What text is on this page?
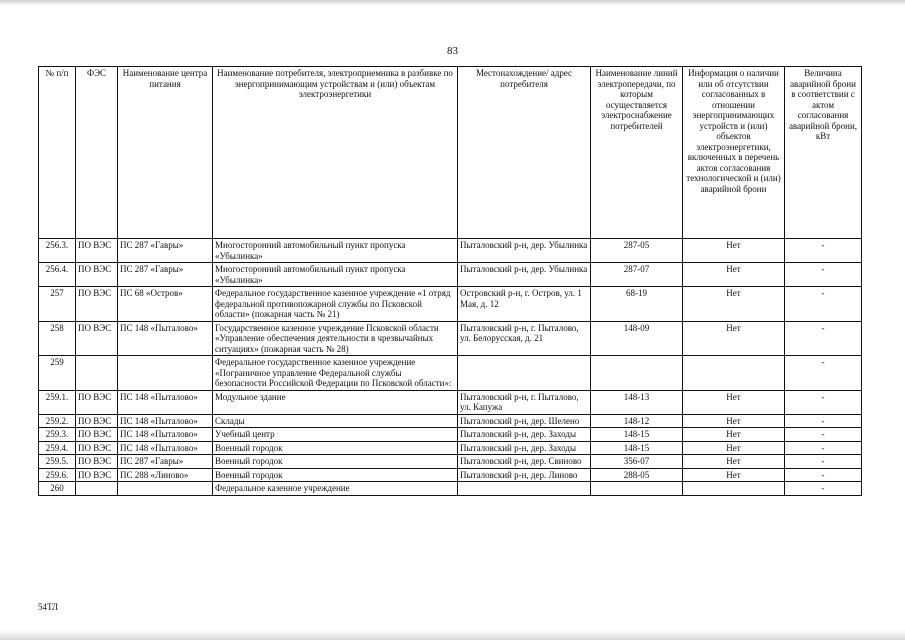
83
№ п/п	ФЭС	Наименование центра питания	Наименование потребителя, электроприемника в разбивке по энергопринимающим устройствам и (или) объектам электроэнергетики	Местонахождение/ адрес потребителя	Наименование линий электропередачи, по которым осуществляется электроснабжение потребителей	Информация о наличии или об отсутствии согласованных в отношении энергопринимающих устройств и (или) объектов электроэнергетики, включенных в перечень актов согласования технологической и (или) аварийной брони	Величина аварийной брони в соответствии с актом согласования аварийной брони, кВт
256.3.	ПО ВЭС	ПС 287 «Гавры»	Многосторонний автомобильный пункт пропуска «Убылинка»	Пыталовский р-н, дер. Убылинка	287-05	Нет	-
256.4.	ПО ВЭС	ПС 287 «Гавры»	Многосторонний автомобильный пункт пропуска «Убылинка»	Пыталовский р-н, дер. Убылинка	287-07	Нет	-
257	ПО ВЭС	ПС 68 «Остров»	Федеральное государственное казенное учреждение «1 отряд федеральной противопожарной службы по Псковской области» (пожарная часть № 21)	Островский р-н, г. Остров, ул. 1 Мая, д. 12	68-19	Нет	-
258	ПО ВЭС	ПС 148 «Пыталово»	Государственное казенное учреждение Псковской области «Управление обеспечения деятельности в чрезвычайных ситуациях» (пожарная часть № 28)	Пыталовский р-н, г. Пыталово, ул. Белорусская, д. 21	148-09	Нет	-
259			Федеральное государственное казенное учреждение «Пограничное управление Федеральной службы безопасности Российской Федерации по Псковской области»:				-
259.1.	ПО ВЭС	ПС 148 «Пыталово»	Модульное здание	Пыталовский р-н, г. Пыталово, ул. Капужа	148-13	Нет	-
259.2.	ПО ВЭС	ПС 148 «Пыталово»	Склады	Пыталовский р-н, дер. Шелено	148-12	Нет	-
259.3.	ПО ВЭС	ПС 148 «Пыталово»	Учебный центр	Пыталовский р-н, дер. Заходы	148-15	Нет	-
259.4.	ПО ВЭС	ПС 148 «Пыталово»	Военный городок	Пыталовский р-н, дер. Заходы	148-15	Нет	-
259.5.	ПО ВЭС	ПС 287 «Гавры»	Военный городок	Пыталовский р-н, дер. Свиново	356-07	Нет	-
259.6.	ПО ВЭС	ПС 288 «Линово»	Военный городок	Пыталовский р-н, дер. Линово	288-05	Нет	-
260			Федеральное казенное учреждение				-
54ТЛ
